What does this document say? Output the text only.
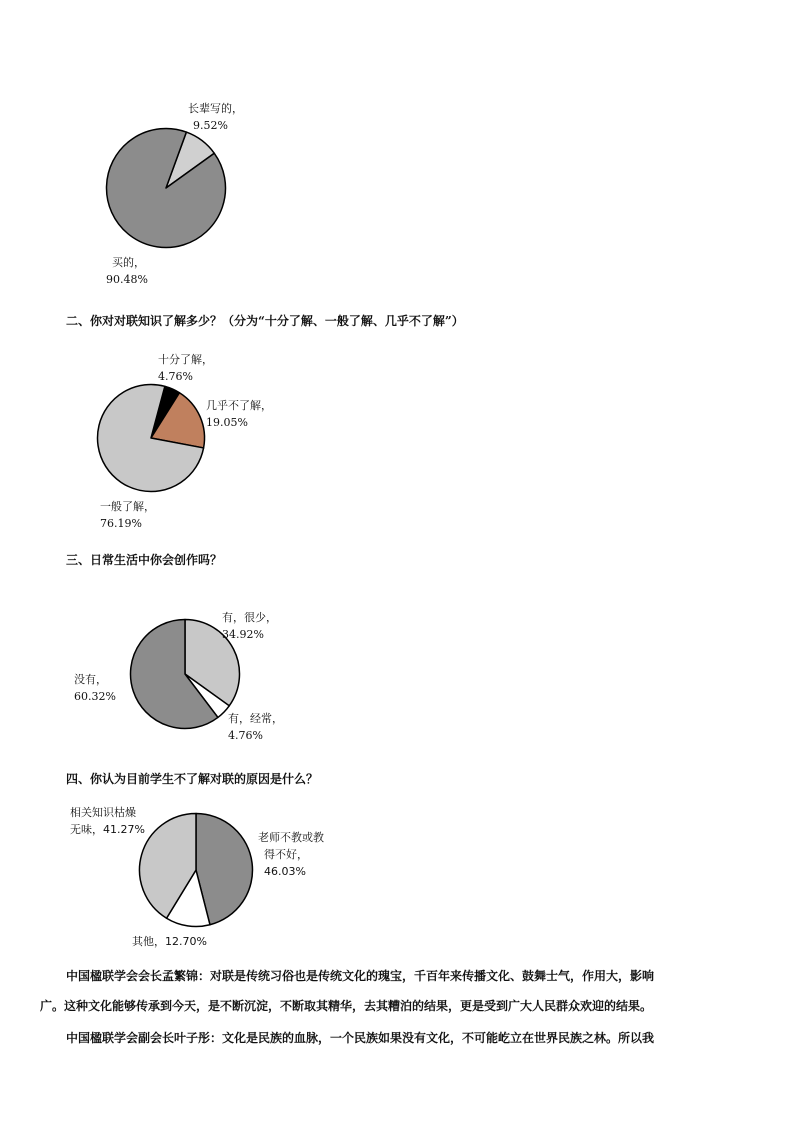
长辈写的，
9.52%
买的，
90.48%
二、你对对联知识了解多少？（分为“十分了解、一般了解、几乎不了解”）
十分了解，
4.76%
几乎不了解，
19.05%
一般了解，
76.19%
三、日常生活中你会创作吗？
有，很少，
34.92%
有，经常，
4.76%
没有，
60.32%
四、你认为目前学生不了解对联的原因是什么？
老师不教或教
得不好，
46.03%
其他，12.70%
相关知识枯燥
无味，41.27%
中国楹联学会会长孟繁锦：对联是传统习俗也是传统文化的瑰宝，千百年来传播文化、鼓舞士气，作用大，影响
广。这种文化能够传承到今天，是不断沉淀，不断取其精华，去其糟泊的结果，更是受到广大人民群众欢迎的结果。
中国楹联学会副会长叶子彤：文化是民族的血脉，一个民族如果没有文化，不可能屹立在世界民族之林。所以我
